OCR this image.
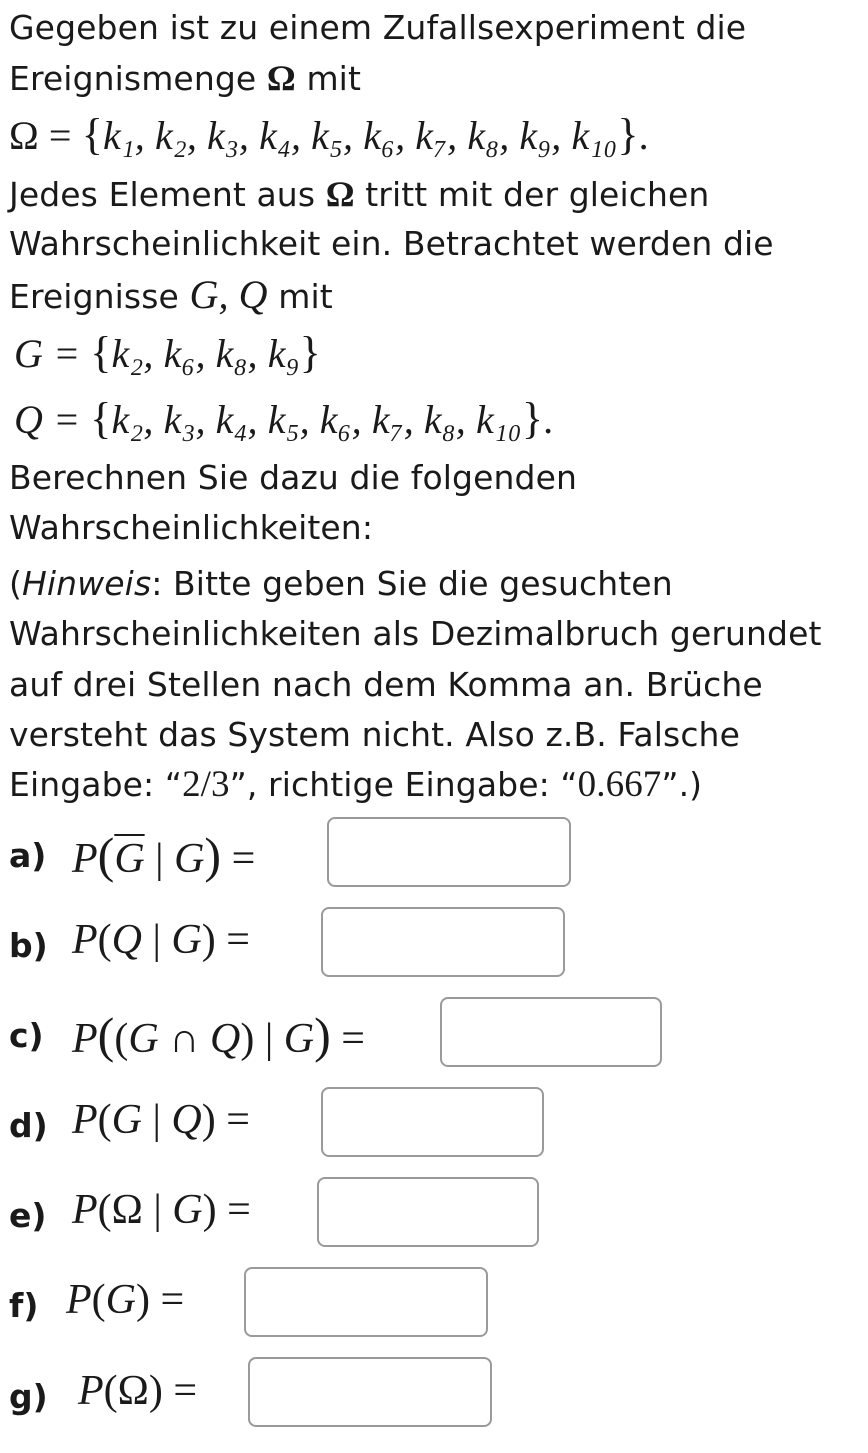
Gegeben ist zu einem Zufallsexperiment die
Ereignismenge Ω mit
Ω = {k₁, k₂, k₃, k₄, k₅, k₆, k₇, k₈, k₉, k₁₀}.
Jedes Element aus Ω tritt mit der gleichen
Wahrscheinlichkeit ein. Betrachtet werden die
Ereignisse G, Q mit
G = {k₂, k₆, k₈, k₉}
Q = {k₂, k₃, k₄, k₅, k₆, k₇, k₈, k₁₀}.
Berechnen Sie dazu die folgenden
Wahrscheinlichkeiten:
(Hinweis: Bitte geben Sie die gesuchten
Wahrscheinlichkeiten als Dezimalbruch gerundet
auf drei Stellen nach dem Komma an. Brüche
versteht das System nicht. Also z.B. Falsche
Eingabe: “2/3”, richtige Eingabe: “0.667”.)
a) $P(\overline{G}$ | G) =
b) P(Q | G) =
c) P((G ∩ Q) | G) =
d) P(G | Q) =
e) P(Ω | G) =
f) P(G) =
g) P(Ω) =
